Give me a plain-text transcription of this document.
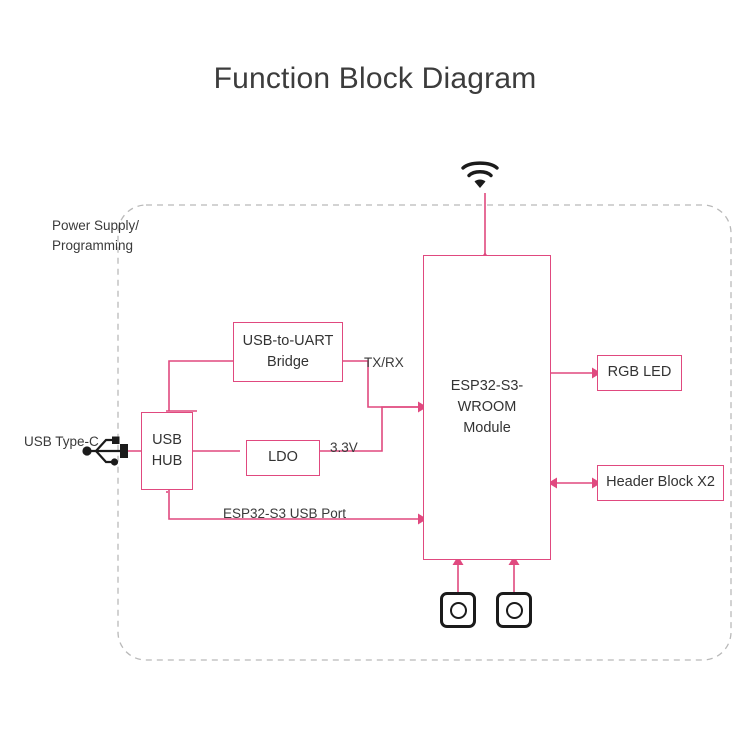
Function Block Diagram
Power Supply/ Programming
USB Type-C
TX/RX
3.3V
ESP32-S3 USB Port
USB
HUB
USB-to-UART
Bridge
LDO
ESP32-S3-
WROOM
Module
RGB LED
Header Block X2
